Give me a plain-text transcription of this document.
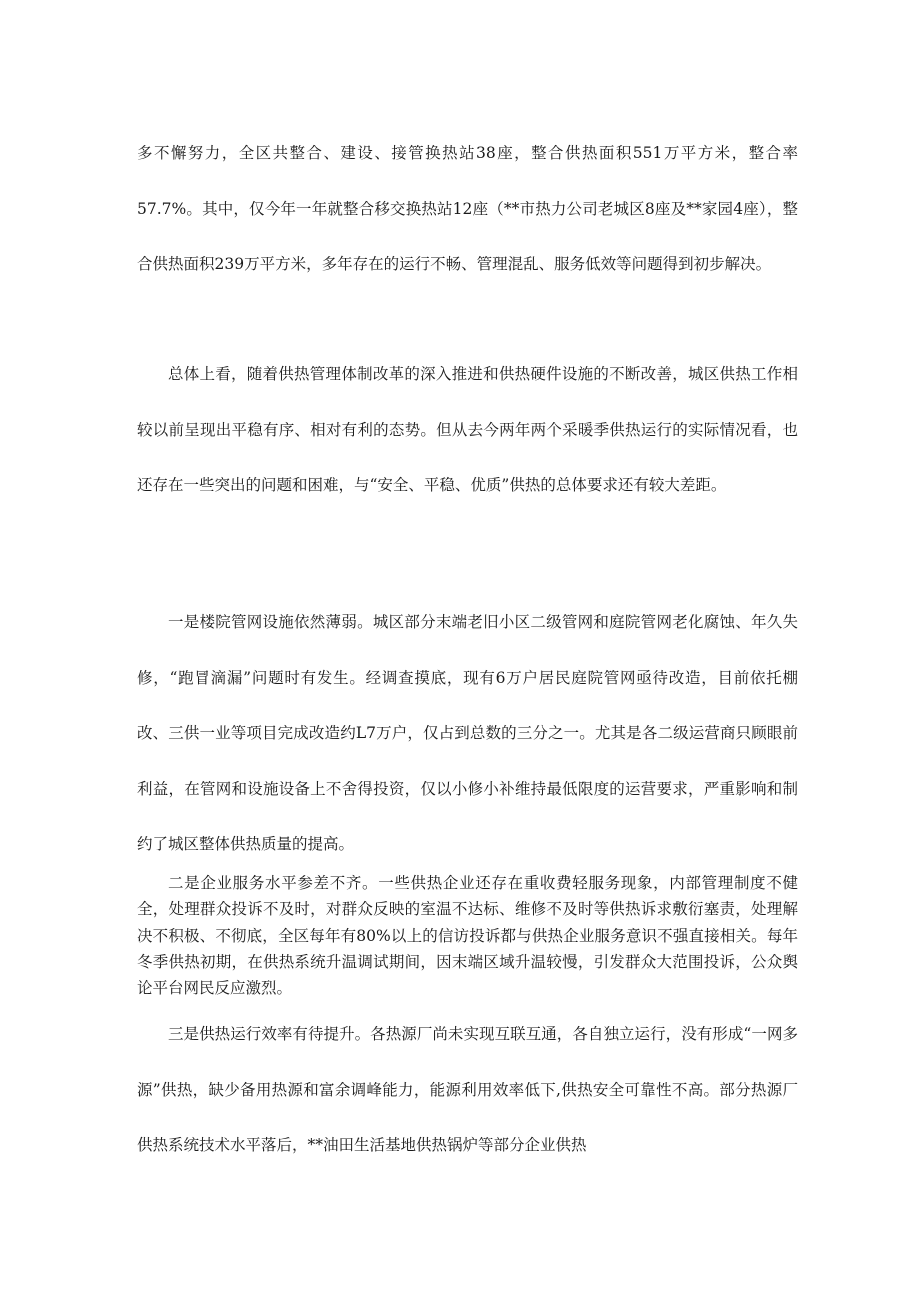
多不懈努力，全区共整合、建设、接管换热站38座，整合供热面积551万平方米，整合率57.7%。其中，仅今年一年就整合移交换热站12座（**市热力公司老城区8座及**家园4座），整合供热面积239万平方米，多年存在的运行不畅、管理混乱、服务低效等问题得到初步解决。

总体上看，随着供热管理体制改革的深入推进和供热硬件设施的不断改善，城区供热工作相较以前呈现出平稳有序、相对有利的态势。但从去今两年两个采暖季供热运行的实际情况看，也还存在一些突出的问题和困难，与“安全、平稳、优质”供热的总体要求还有较大差距。

一是楼院管网设施依然薄弱。城区部分末端老旧小区二级管网和庭院管网老化腐蚀、年久失修，“跑冒滴漏”问题时有发生。经调查摸底，现有6万户居民庭院管网亟待改造，目前依托棚改、三供一业等项目完成改造约L7万户，仅占到总数的三分之一。尤其是各二级运营商只顾眼前利益，在管网和设施设备上不舍得投资，仅以小修小补维持最低限度的运营要求，严重影响和制约了城区整体供热质量的提高。

二是企业服务水平参差不齐。一些供热企业还存在重收费轻服务现象，内部管理制度不健全，处理群众投诉不及时，对群众反映的室温不达标、维修不及时等供热诉求敷衍塞责，处理解决不积极、不彻底，全区每年有80%以上的信访投诉都与供热企业服务意识不强直接相关。每年冬季供热初期，在供热系统升温调试期间，因末端区域升温较慢，引发群众大范围投诉，公众舆论平台网民反应激烈。

三是供热运行效率有待提升。各热源厂尚未实现互联互通，各自独立运行，没有形成“一网多源”供热，缺少备用热源和富余调峰能力，能源利用效率低下,供热安全可靠性不高。部分热源厂供热系统技术水平落后，**油田生活基地供热锅炉等部分企业供热
